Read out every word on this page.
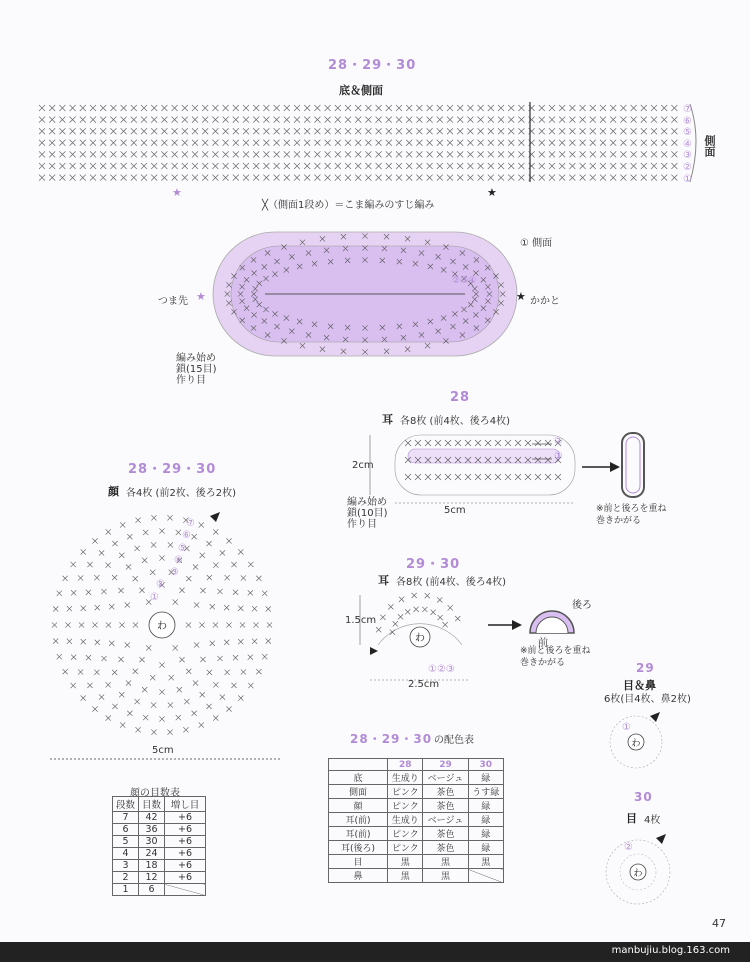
28・29・30
底＆側面
⑦
⑥
⑤
④
③
②
①
側面
★	★
╳（側面1段め）＝こま編みのすじ編み
②③④
① 側面
つま先 ★	★ かかと
編み始め
鎖(15目)
作り目
28
耳 各8枚 (前4枚、後ろ4枚)
②
①
2cm
5cm
編み始め
鎖(10目)
作り目
※前と後ろを重ね
巻きかがる
28・29・30
顔 各4枚 (前2枚、後ろ2枚)
わ
⑦
⑥
⑤
④
③
②
①
5cm
顔の目数表
段数	目数	増し目
7	42	+6
6	36	+6
5	30	+6
4	24	+6
3	18	+6
2	12	+6
1	6	
29・30
耳 各8枚 (前4枚、後ろ4枚)
わ
1.5cm
2.5cm
①②③
後ろ
前
※前と後ろを重ね
巻きかがる	29
目＆鼻
6枚(目4枚、鼻2枚)
わ
①
30
目 4枚
わ
②
28・29・30 の配色表
	28	29	30
底	生成り	ベージュ	緑
側面	ピンク	茶色	うす緑
顔	ピンク	茶色	緑
耳(前)	生成り	ベージュ	緑
耳(前)	ピンク	茶色	緑
耳(後ろ)	ピンク	茶色	緑
目	黒	黒	黒
鼻	黒	黒	
47
manbujiu.blog.163.com
